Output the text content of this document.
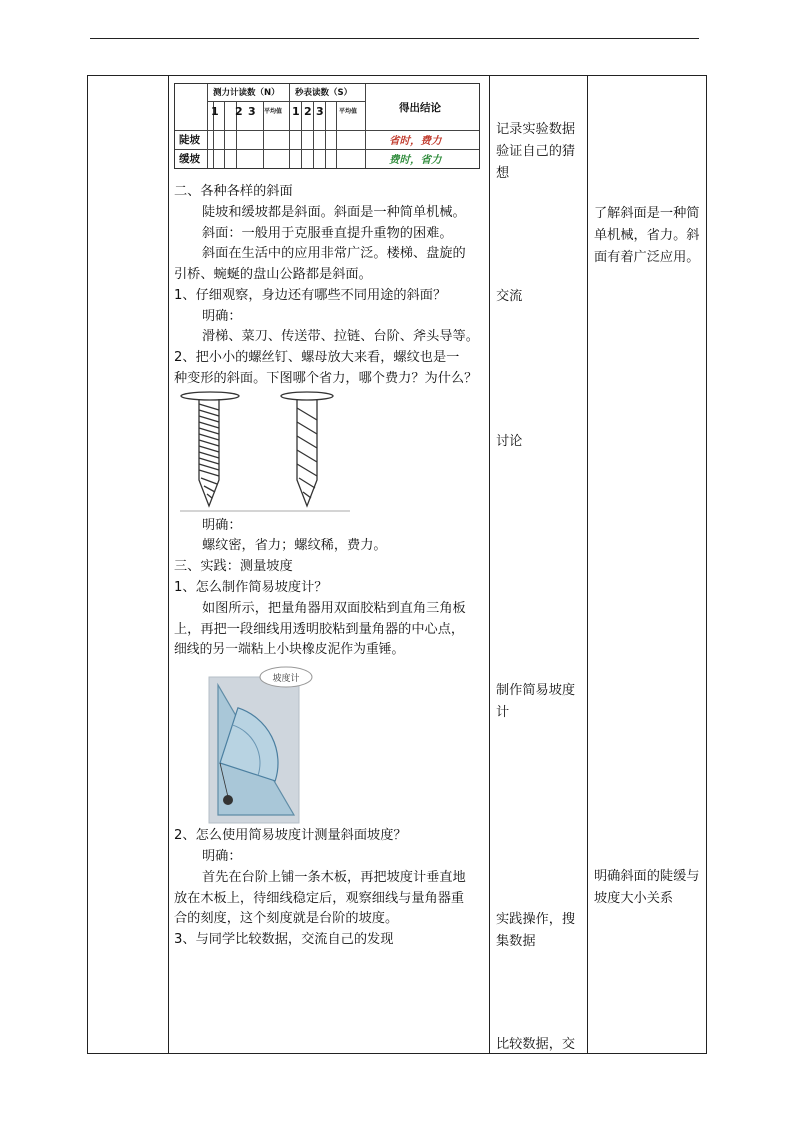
测力计读数（N） 秒表读数（S）
得出结论
1 2 3 平均值 1 2 3	平均值
陡坡
缓坡
省时，费力
费时，省力
二、各种各样的斜面
陡坡和缓坡都是斜面。斜面是一种简单机械。
斜面：一般用于克服垂直提升重物的困难。
斜面在生活中的应用非常广泛。楼梯、盘旋的
引桥、蜿蜒的盘山公路都是斜面。
1、仔细观察，身边还有哪些不同用途的斜面？
明确：
滑梯、菜刀、传送带、拉链、台阶、斧头导等。
2、把小小的螺丝钉、螺母放大来看，螺纹也是一
种变形的斜面。下图哪个省力，哪个费力？为什么？
明确：
螺纹密，省力；螺纹稀，费力。
三、实践：测量坡度
1、怎么制作简易坡度计？
如图所示，把量角器用双面胶粘到直角三角板
上，再把一段细线用透明胶粘到量角器的中心点，
细线的另一端粘上小块橡皮泥作为重锤。
坡度计
2、怎么使用简易坡度计测量斜面坡度？
明确：
首先在台阶上铺一条木板，再把坡度计垂直地
放在木板上，待细线稳定后，观察细线与量角器重
合的刻度，这个刻度就是台阶的坡度。
3、与同学比较数据，交流自己的发现
记录实验数据验证自己的猜想
交流
讨论
制作简易坡度计
实践操作，搜集数据
比较数据，交
了解斜面是一种简单机械，省力。斜面有着广泛应用。
明确斜面的陡缓与坡度大小关系
